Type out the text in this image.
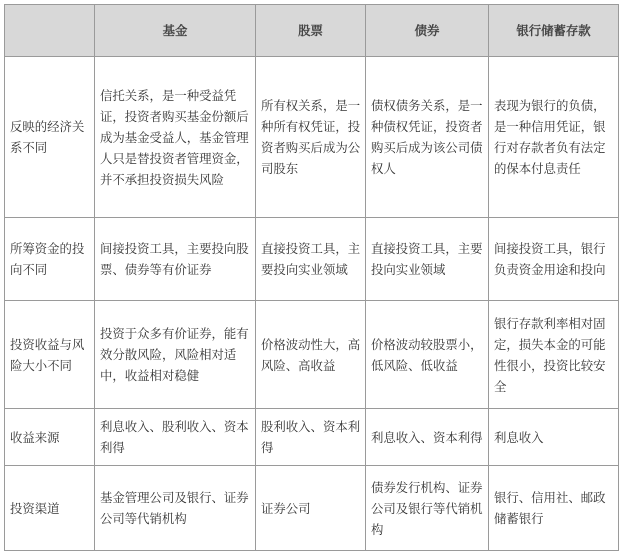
	基金	股票	债券	银行储蓄存款
反映的经济关系不同	信托关系，是一种受益凭证，投资者购买基金份额后成为基金受益人，基金管理人只是替投资者管理资金，并不承担投资损失风险	所有权关系，是一种所有权凭证，投资者购买后成为公司股东	债权债务关系，是一种债权凭证，投资者购买后成为该公司债权人	表现为银行的负债，是一种信用凭证，银行对存款者负有法定的保本付息责任
所筹资金的投向不同	间接投资工具，主要投向股票、债券等有价证券	直接投资工具，主要投向实业领域	直接投资工具，主要投向实业领域	间接投资工具，银行负责资金用途和投向
投资收益与风险大小不同	投资于众多有价证券，能有效分散风险，风险相对适中，收益相对稳健	价格波动性大，高风险、高收益	价格波动较股票小，低风险、低收益	银行存款利率相对固定，损失本金的可能性很小，投资比较安全
收益来源	利息收入、股利收入、资本利得	股利收入、资本利得	利息收入、资本利得	利息收入
投资渠道	基金管理公司及银行、证券公司等代销机构	证券公司	债券发行机构、证券公司及银行等代销机构	银行、信用社、邮政储蓄银行
